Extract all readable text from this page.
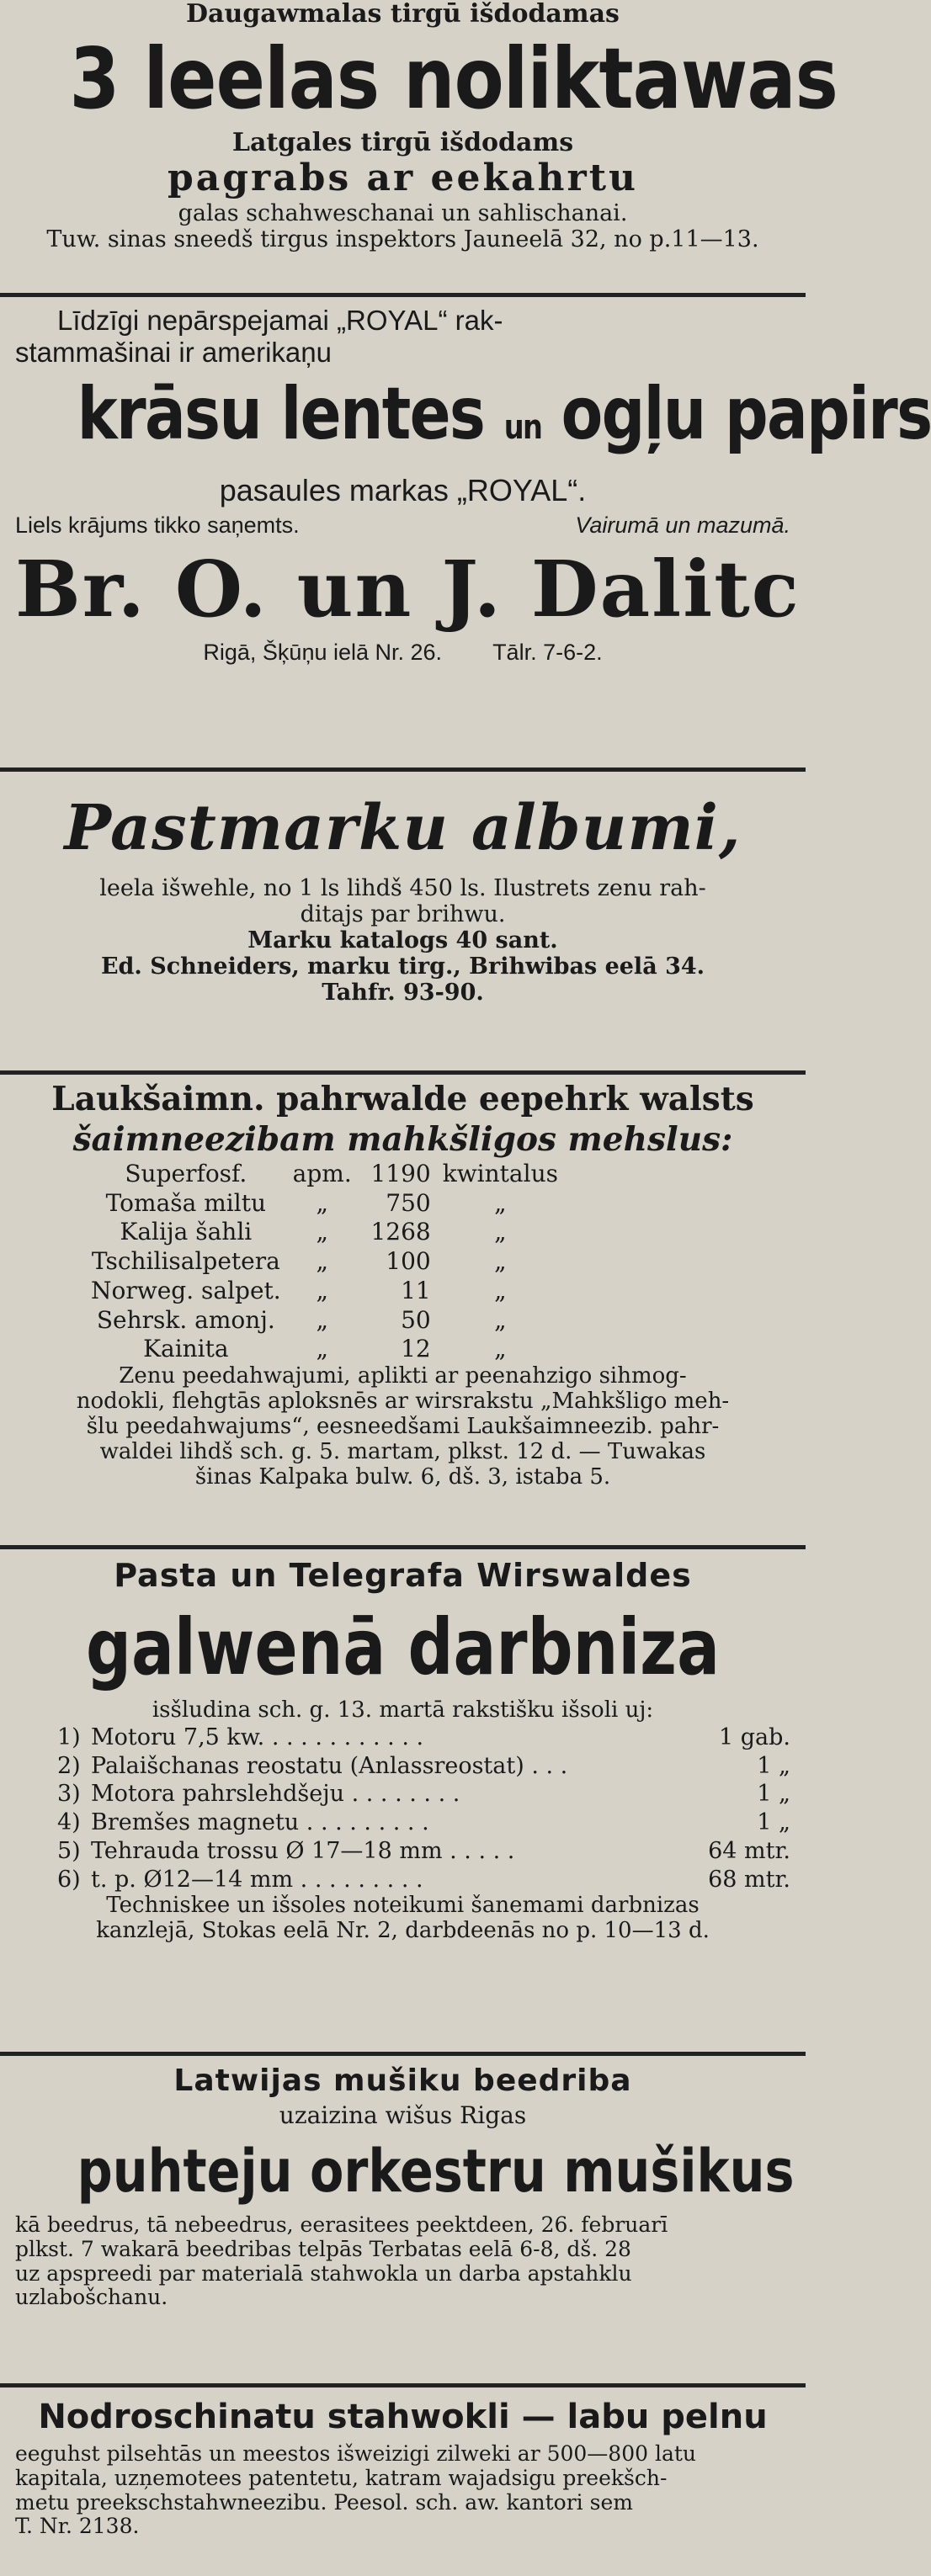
Daugawmalas tirgū išdodamas
3 leelas noliktawas
Latgales tirgū išdodams
pagrabs ar eekahrtu
galas schahweschanai un sahlischanai.
Tuw. sinas sneedš tirgus inspektors Jauneelā 32, no p.11—13.
Līdzīgi nepārspejamai „ROYAL“ rak-
stammašinai ir amerikaņu
krāsu lentes un ogļu papirs
pasaules markas „ROYAL“.
Liels krājums tikko saņemts.	Vairumā un mazumā.
Br. O. un J. Dalitc
Rigā, Šķūņu ielā Nr. 26. Tālr. 7-6-2.
Pastmarku albumi,
leela išwehle, no 1 ls lihdš 450 ls. Ilustrets zenu rah-
ditajs par brihwu.
Marku katalogs 40 sant.
Ed. Schneiders, marku tirg., Brihwibas eelā 34.
Tahfr. 93-90.
Laukšaimn. pahrwalde eepehrk walsts
šaimneezibam mahkšligos mehslus:
Superfosf.	apm.	1190	kwintalus
Tomaša miltu	„	750	„
Kalija šahli	„	1268	„
Tschilisalpetera	„	100	„
Norweg. salpet.	„	11	„
Sehrsk. amonj.	„	50	„
Kainita	„	12	„
Zenu peedahwajumi, aplikti ar peenahzigo sihmog-
nodokli, flehgtās aploksnēs ar wirsrakstu „Mahkšligo meh-
šlu peedahwajums“, eesneedšami Laukšaimneezib. pahr-
waldei lihdš sch. g. 5. martam, plkst. 12 d. — Tuwakas
šinas Kalpaka bulw. 6, dš. 3, istaba 5.
Pasta un Telegrafa Wirswaldes
galwenā darbniza
isšludina sch. g. 13. martā rakstišku išsoli uj:
1) Motoru 7,5 kw. . . . . . . . . . . .	1 gab.
2) Palaišchanas reostatu (Anlassreostat) . . .	1 „
3) Motora pahrslehdšeju . . . . . . . .	1 „
4) Bremšes magnetu . . . . . . . . .	1 „
5) Tehrauda trossu Ø 17—18 mm . . . . .	64 mtr.
6) t. p. Ø12—14 mm . . . . . . . . .	68 mtr.
Techniskee un išsoles noteikumi šanemami darbnizas
kanzlejā, Stokas eelā Nr. 2, darbdeenās no p. 10—13 d.
Latwijas mušiku beedriba
uzaizina wišus Rigas
puhteju orkestru mušikus
kā beedrus, tā nebeedrus, eerasitees peektdeen, 26. februarī
plkst. 7 wakarā beedribas telpās Terbatas eelā 6-8, dš. 28
uz apspreedi par materialā stahwokla un darba apstahklu
uzlabošchanu.
Nodroschinatu stahwokli — labu pelnu
eeguhst pilsehtās un meestos išweizigi zilweki ar 500—800 latu
kapitala, uzņemotees patentetu, katram wajadsigu preekšch-
metu preekschstahwneezibu. Peesol. sch. aw. kantori sem
T. Nr. 2138.
